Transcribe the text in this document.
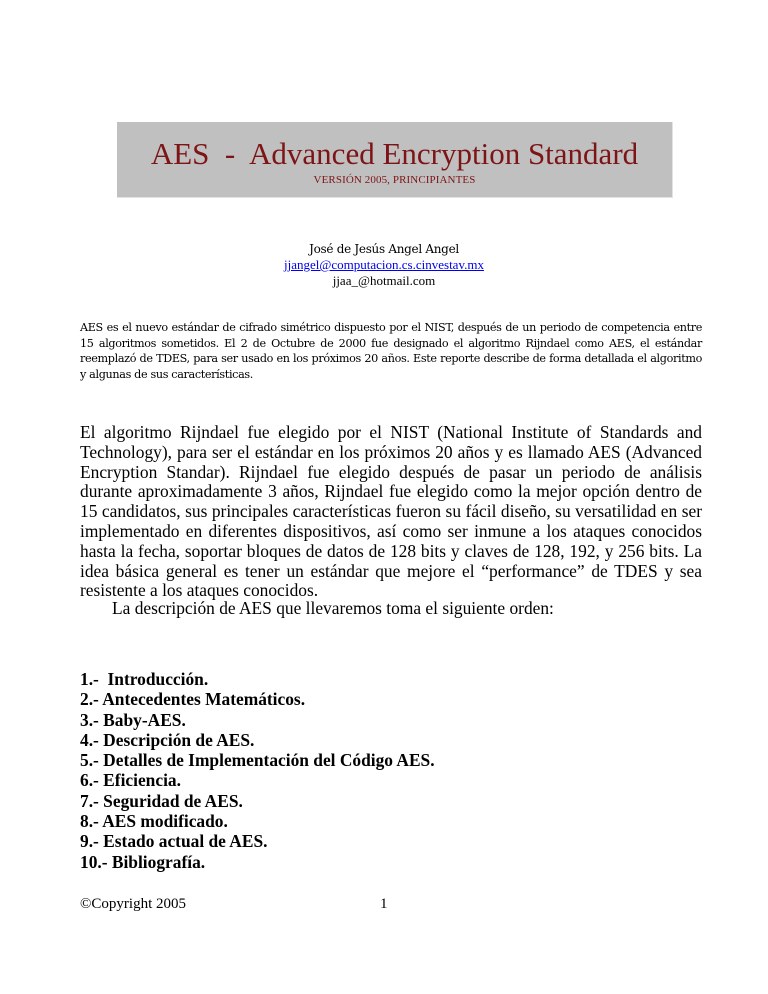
AES  -  Advanced Encryption Standard
VERSIÓN 2005, PRINCIPIANTES
José de Jesús Angel Angel
jjangel@computacion.cs.cinvestav.mx
jjaa_@hotmail.com
AES es el nuevo estándar de cifrado simétrico dispuesto por el NIST, después de un periodo de competencia entre 15 algoritmos sometidos. El 2 de Octubre de 2000 fue designado el algoritmo Rijndael como AES, el estándar reemplazó de TDES, para ser usado en los próximos 20 años. Este reporte describe de forma detallada el algoritmo y algunas de sus características.
El algoritmo Rijndael fue elegido por el NIST (National Institute of Standards and Technology), para ser el estándar en los próximos 20 años y es llamado AES (Advanced Encryption Standar). Rijndael fue elegido después de pasar un periodo de análisis durante aproximadamente 3 años, Rijndael fue elegido como la mejor opción dentro de 15 candidatos, sus principales características fueron su fácil diseño, su versatilidad en ser implementado en diferentes dispositivos, así como ser inmune a los ataques conocidos hasta la fecha, soportar bloques de datos de 128 bits y claves de 128, 192, y 256 bits. La idea básica general es tener un estándar que mejore el “performance” de TDES y sea resistente a los ataques conocidos.
La descripción de AES que llevaremos toma el siguiente orden:
1.-  Introducción.
2.- Antecedentes Matemáticos.
3.- Baby-AES.
4.- Descripción de AES.
5.- Detalles de Implementación del Código AES.
6.- Eficiencia.
7.- Seguridad de AES.
8.- AES modificado.
9.- Estado actual de AES.
10.- Bibliografía.
©Copyright 2005	1
